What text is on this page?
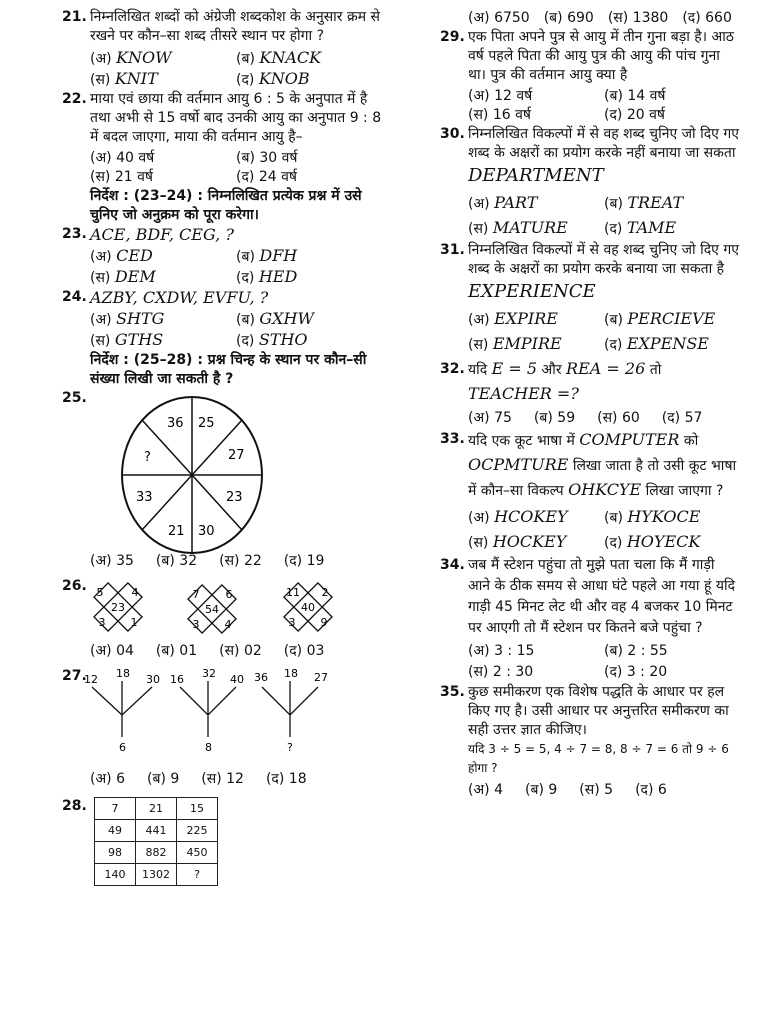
21. निम्नलिखित शब्दों को अंग्रेजी शब्दकोश के अनुसार क्रम से रखने पर कौन–सा शब्द तीसरे स्थान पर होगा ?
(अ) KNOW	(ब) KNACK
(स) KNIT	(द) KNOB
22. माया एवं छाया की वर्तमान आयु 6 : 5 के अनुपात में है तथा अभी से 15 वर्षो बाद उनकी आयु का अनुपात 9 : 8 में बदल जाएगा, माया की वर्तमान आयु है–
(अ) 40 वर्ष	(ब) 30 वर्ष
(स) 21 वर्ष	(द) 24 वर्ष
निर्देश : (23–24) : निम्नलिखित प्रत्येक प्रश्न में उसे चुनिए जो अनुक्रम को पूरा करेगा।
23. ACE, BDF, CEG, ?
(अ) CED	(ब) DFH
(स) DEM	(द) HED
24. AZBY, CXDW, EVFU, ?
(अ) SHTG	(ब) GXHW
(स) GTHS	(द) STHO
निर्देश : (25–28) : प्रश्न चिन्ह के स्थान पर कौन–सी संख्या लिखी जा सकती है ?
25.
36 25
27
23
30
21
33
?
(अ) 35 (ब) 32 (स) 22 (द) 19
26. 5	4
23
1
3
7 6
54
4
3
11 2
40
9
3
(अ) 04 (ब) 01 (स) 02 (द) 03
27.
12 18 30
6
16 32 40
8
36 18 27
?
(अ) 6 (ब) 9 (स) 12 (द) 18
28. 7	21	15
49	441	225
98	882	450
140	1302	?
(अ) 6750 (ब) 690 (स) 1380 (द) 660
29. एक पिता अपने पुत्र से आयु में तीन गुना बड़ा है। आठ वर्ष पहले पिता की आयु पुत्र की आयु की पांच गुना था। पुत्र की वर्तमान आयु क्या है
(अ) 12 वर्ष	(ब) 14 वर्ष
(स) 16 वर्ष	(द) 20 वर्ष
30. निम्नलिखित विकल्पों में से वह शब्द चुनिए जो दिए गए शब्द के अक्षरों का प्रयोग करके नहीं बनाया जा सकता
DEPARTMENT
(अ) PART	(ब) TREAT
(स) MATURE	(द) TAME
31. निम्नलिखित विकल्पों में से वह शब्द चुनिए जो दिए गए शब्द के अक्षरों का प्रयोग करके बनाया जा सकता है
EXPERIENCE
(अ) EXPIRE	(ब) PERCIEVE
(स) EMPIRE	(द) EXPENSE
32. यदि E = 5 और REA = 26 तो
TEACHER =?
(अ) 75 (ब) 59 (स) 60 (द) 57
33. यदि एक कूट भाषा में COMPUTER को OCPMTURE लिखा जाता है तो उसी कूट भाषा में कौन–सा विकल्प OHKCYE लिखा जाएगा ?
(अ) HCOKEY	(ब) HYKOCE
(स) HOCKEY	(द) HOYECK
34. जब मैं स्टेशन पहुंचा तो मुझे पता चला कि मैं गाड़ी आने के ठीक समय से आधा घंटे पहले आ गया हूं यदि गाड़ी 45 मिनट लेट थी और वह 4 बजकर 10 मिनट पर आएगी तो मैं स्टेशन पर कितने बजे पहुंचा ?
(अ) 3 : 15	(ब) 2 : 55
(स) 2 : 30	(द) 3 : 20
35. कुछ समीकरण एक विशेष पद्धति के आधार पर हल किए गए है। उसी आधार पर अनुत्तरित समीकरण का सही उत्तर ज्ञात कीजिए।
यदि 3 ÷ 5 = 5, 4 ÷ 7 = 8, 8 ÷ 7 = 6 तो 9 ÷ 6 होगा ?
(अ) 4 (ब) 9 (स) 5 (द) 6
